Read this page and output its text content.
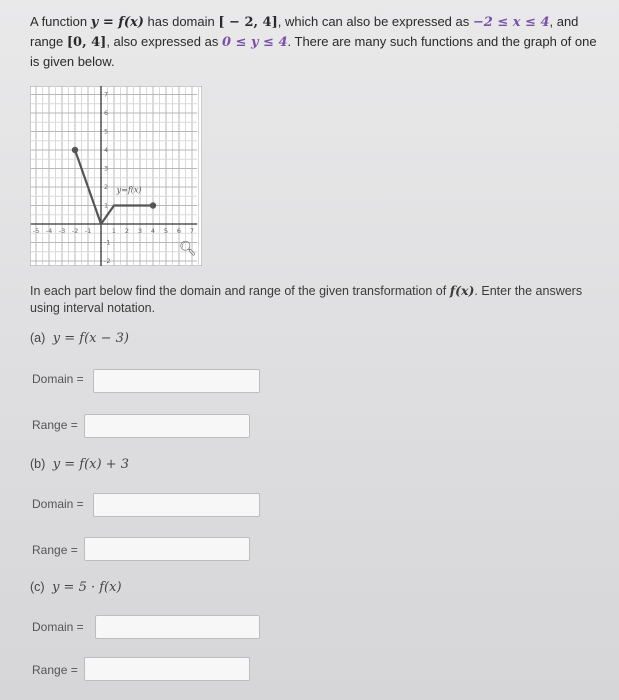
A function y = f(x) has domain [ − 2, 4], which can also be expressed as −2 ≤ x ≤ 4, and range [0, 4], also expressed as 0 ≤ y ≤ 4. There are many such functions and the graph of one is given below.
-5 -4 -3 -2 -1	1 2 3 4 5 6 7
7
6
5
4
3
2
1
-1
-2
y=f(x)
🔍︎
In each part below find the domain and range of the given transformation of f(x). Enter the answers using interval notation.
(a) y = f(x − 3)
Domain =
Range =
(b) y = f(x) + 3
Domain =
Range =
(c) y = 5 · f(x)
Domain =
Range =
